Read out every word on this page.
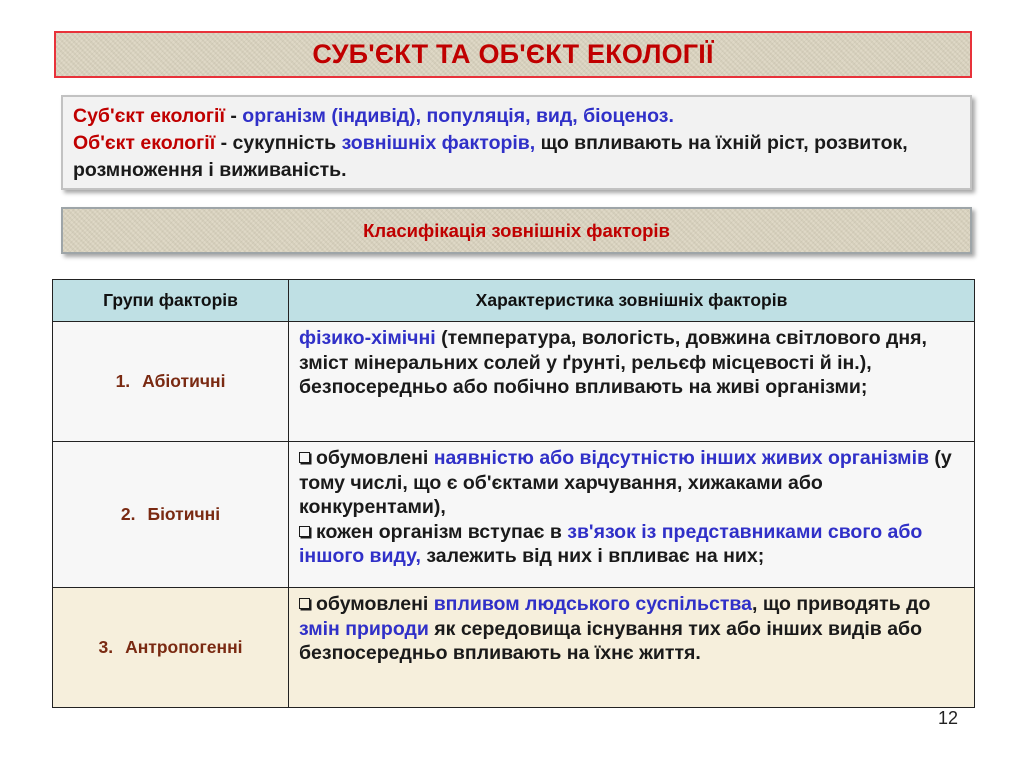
СУБ'ЄКТ ТА ОБ'ЄКТ ЕКОЛОГІЇ
Суб'єкт екології - організм (індивід), популяція, вид, біоценоз.
Об'єкт екології - сукупність зовнішніх факторів, що впливають на їхній ріст, розвиток, розмноження і виживаність.
Класифікація зовнішніх факторів
Групи факторів	Характеристика зовнішніх факторів
1. Абіотичні	фізико-хімічні (температура, вологість, довжина світлового дня, зміст мінеральних солей у ґрунті, рельєф місцевості й ін.), безпосередньо або побічно впливають на живі організми;
2. Біотичні	обумовлені наявністю або відсутністю інших живих організмів (у тому числі, що є об'єктами харчування, хижаками або конкурентами),
кожен організм вступає в зв'язок із представниками свого або іншого виду, залежить від них і впливає на них;

3. Антропогенні	обумовлені впливом людського суспільства, що приводять до змін природи як середовища існування тих або інших видів або безпосередньо впливають на їхнє життя.
12
